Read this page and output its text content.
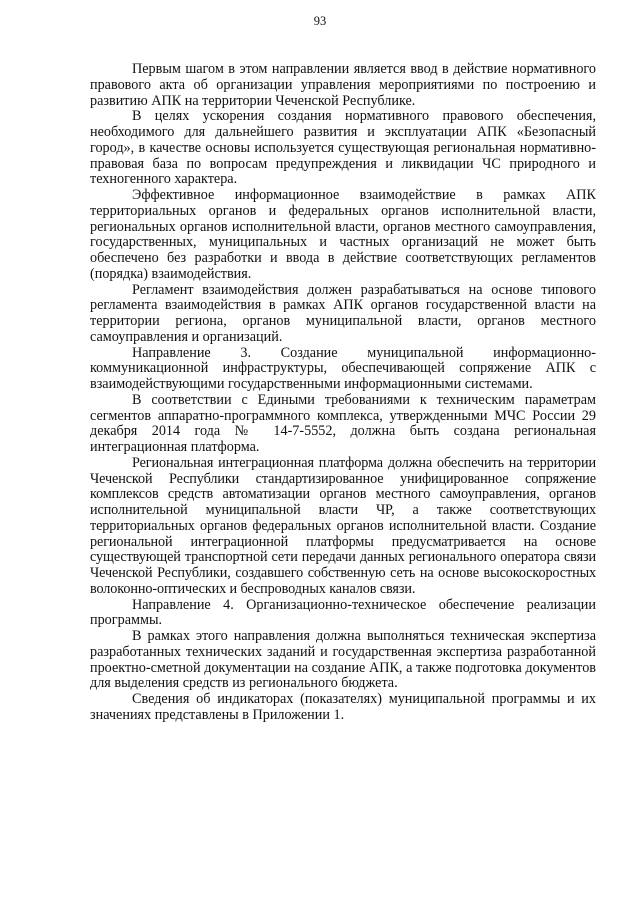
93

Первым шагом в этом направлении является ввод в действие нормативного правового акта об организации управления мероприятиями по построению и развитию АПК на территории Чеченской Республике.

В целях ускорения создания нормативного правового обеспечения, необходимого для дальнейшего развития и эксплуатации АПК «Безопасный город», в качестве основы используется существующая региональная нормативно-правовая база по вопросам предупреждения и ликвидации ЧС природного и техногенного характера.

Эффективное информационное взаимодействие в рамках АПК территориальных органов и федеральных органов исполнительной власти, региональных органов исполнительной власти, органов местного самоуправления, государственных, муниципальных и частных организаций не может быть обеспечено без разработки и ввода в действие соответствующих регламентов (порядка) взаимодействия.

Регламент взаимодействия должен разрабатываться на основе типового регламента взаимодействия в рамках АПК органов государственной власти на территории региона, органов муниципальной власти, органов местного самоуправления и организаций.

Направление 3. Создание муниципальной информационно-коммуникационной инфраструктуры, обеспечивающей сопряжение АПК с взаимодействующими государственными информационными системами.

В соответствии с Едиными требованиями к техническим параметрам сегментов аппаратно-программного комплекса, утвержденными МЧС России 29 декабря 2014 года № 14-7-5552, должна быть создана региональная интеграционная платформа.

Региональная интеграционная платформа должна обеспечить на территории Чеченской Республики стандартизированное унифицированное сопряжение комплексов средств автоматизации органов местного самоуправления, органов исполнительной муниципальной власти ЧР, а также соответствующих территориальных органов федеральных органов исполнительной власти. Создание региональной интеграционной платформы предусматривается на основе существующей транспортной сети передачи данных регионального оператора связи Чеченской Республики, создавшего собственную сеть на основе высокоскоростных волоконно-оптических и беспроводных каналов связи.

Направление 4. Организационно-техническое обеспечение реализации программы.

В рамках этого направления должна выполняться техническая экспертиза разработанных технических заданий и государственная экспертиза разработанной проектно-сметной документации на создание АПК, а также подготовка документов для выделения средств из регионального бюджета.

Сведения об индикаторах (показателях) муниципальной программы и их значениях представлены в Приложении 1.
